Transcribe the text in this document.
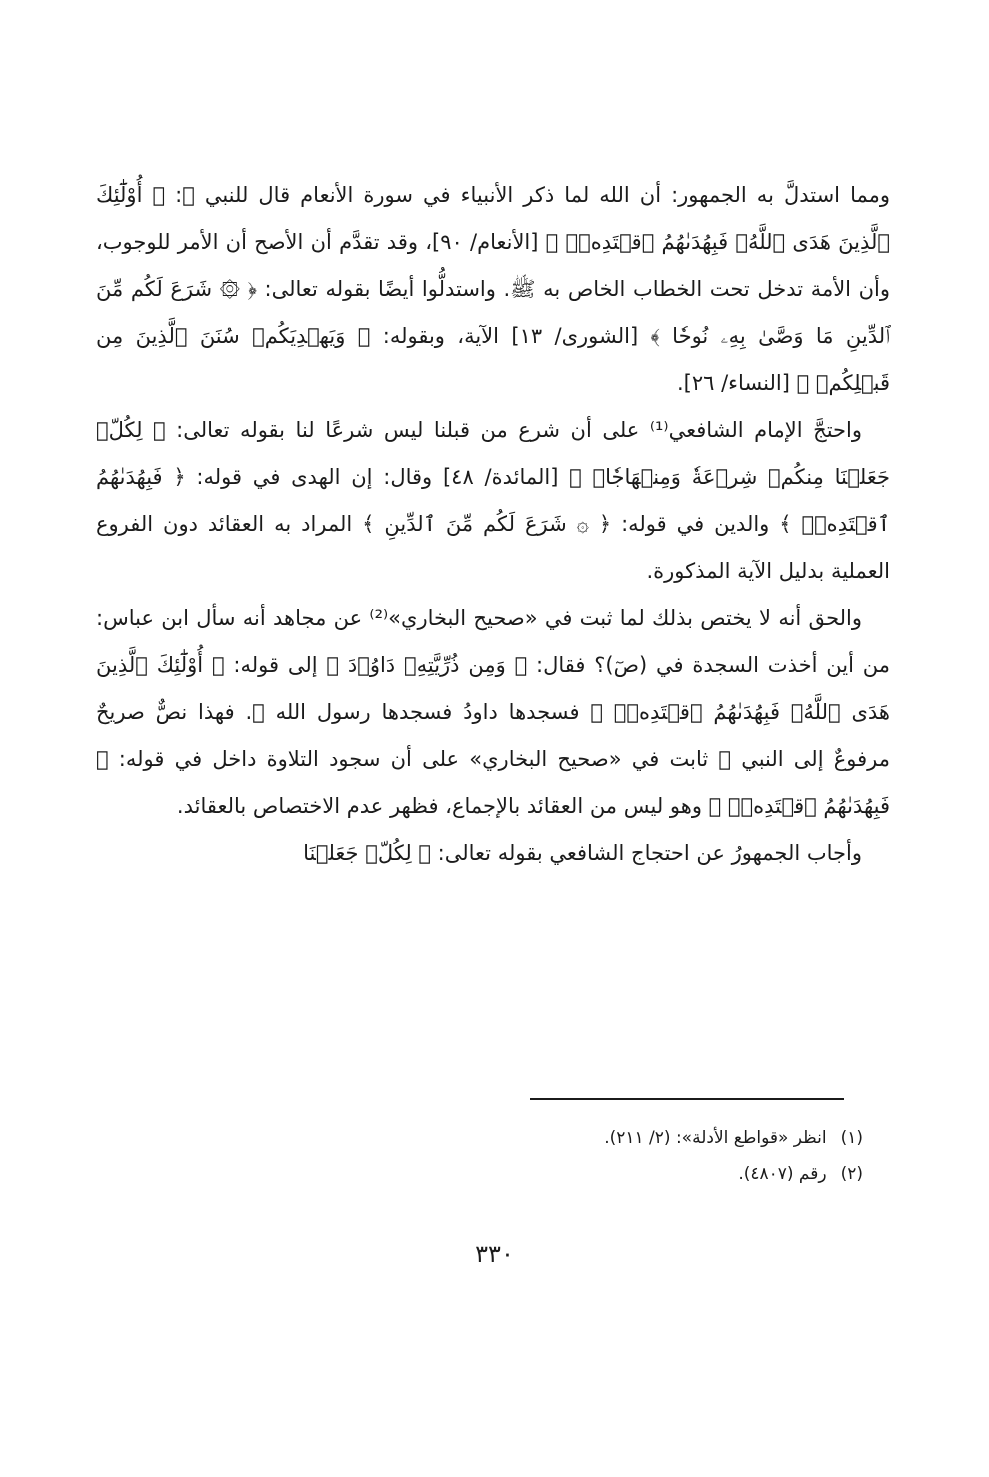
ومما استدلَّ به الجمهور: أن الله لما ذكر الأنبياء في سورة الأنعام قال للنبي ﷺ: ﴿ أُوْلَٰٓئِكَ ٱلَّذِينَ هَدَى ٱللَّهُۖ فَبِهُدَىٰهُمُ ٱقۡتَدِهۡۗ ﴾ [الأنعام/ ٩٠]، وقد تقدَّم أن الأصح أن الأمر للوجوب، وأن الأمة تدخل تحت الخطاب الخاص به ﷺ. واستدلُّوا أيضًا بقوله تعالى: ﴿ ۞ شَرَعَ لَكُم مِّنَ ٱلدِّينِ مَا وَصَّىٰ بِهِۦ نُوحٗا ﴾ [الشورى/ ١٣] الآية، وبقوله: ﴿ وَيَهۡدِيَكُمۡ سُنَنَ ٱلَّذِينَ مِن قَبۡلِكُمۡ ﴾ [النساء/ ٢٦].

واحتجَّ الإمام الشافعي⁽¹⁾ على أن شرع من قبلنا ليس شرعًا لنا بقوله تعالى: ﴿ لِكُلّٖ جَعَلۡنَا مِنكُمۡ شِرۡعَةٗ وَمِنۡهَاجٗاۚ ﴾ [المائدة/ ٤٨] وقال: إن الهدى في قوله: ﴿ فَبِهُدَىٰهُمُ ٱقۡتَدِهۡۗ ﴾ والدين في قوله: ﴿ ۞ شَرَعَ لَكُم مِّنَ ٱلدِّينِ ﴾ المراد به العقائد دون الفروع العملية بدليل الآية المذكورة.

والحق أنه لا يختص بذلك لما ثبت في «صحيح البخاري»⁽²⁾ عن مجاهد أنه سأل ابن عباس: من أين أخذت السجدة في (صٓ)؟ فقال: ﴿ وَمِن ذُرِّيَّتِهِۦ دَاوُۥدَ ﴾ إلى قوله: ﴿ أُوْلَٰٓئِكَ ٱلَّذِينَ هَدَى ٱللَّهُۖ فَبِهُدَىٰهُمُ ٱقۡتَدِهۡۗ ﴾ فسجدها داودُ فسجدها رسول الله ﷺ. فهذا نصٌّ صريحٌ مرفوعٌ إلى النبي ﷺ ثابت في «صحيح البخاري» على أن سجود التلاوة داخل في قوله: ﴿ فَبِهُدَىٰهُمُ ٱقۡتَدِهۡۗ ﴾ وهو ليس من العقائد بالإجماع، فظهر عدم الاختصاص بالعقائد.

وأجاب الجمهورُ عن احتجاج الشافعي بقوله تعالى: ﴿ لِكُلّٖ جَعَلۡنَا

(١)انظر «قواطع الأدلة»: (٢/ ٢١١).
(٢)رقم (٤٨٠٧).
٣٣٠
